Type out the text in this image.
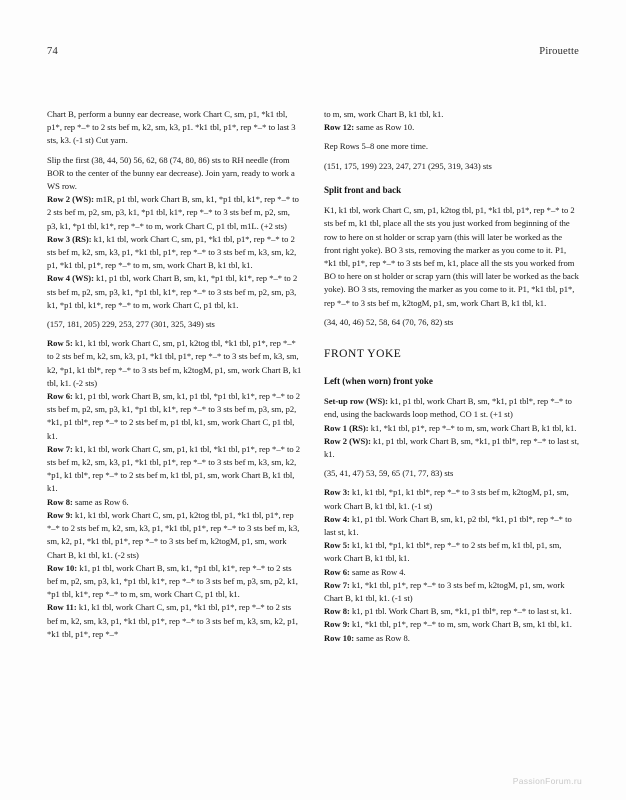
74	Pirouette

Chart B, perform a bunny ear decrease, work Chart C, sm, p1, *k1 tbl, p1*, rep *–* to 2 sts bef m, k2, sm, k3, p1. *k1 tbl, p1*, rep *–* to last 3 sts, k3. (-1 st) Cut yarn.

Slip the first (38, 44, 50) 56, 62, 68 (74, 80, 86) sts to RH needle (from BOR to the center of the bunny ear decrease). Join yarn, ready to work a WS row.

Row 2 (WS): m1R, p1 tbl, work Chart B, sm, k1, *p1 tbl, k1*, rep *–* to 2 sts bef m, p2, sm, p3, k1, *p1 tbl, k1*, rep *–* to 3 sts bef m, p2, sm, p3, k1, *p1 tbl, k1*, rep *–* to m, work Chart C, p1 tbl, m1L. (+2 sts)

Row 3 (RS): k1, k1 tbl, work Chart C, sm, p1, *k1 tbl, p1*, rep *–* to 2 sts bef m, k2, sm, k3, p1, *k1 tbl, p1*, rep *–* to 3 sts bef m, k3, sm, k2, p1, *k1 tbl, p1*, rep *–* to m, sm, work Chart B, k1 tbl, k1.

Row 4 (WS): k1, p1 tbl, work Chart B, sm, k1, *p1 tbl, k1*, rep *–* to 2 sts bef m, p2, sm, p3, k1, *p1 tbl, k1*, rep *–* to 3 sts bef m, p2, sm, p3, k1, *p1 tbl, k1*, rep *–* to m, work Chart C, p1 tbl, k1.

(157, 181, 205) 229, 253, 277 (301, 325, 349) sts

Row 5: k1, k1 tbl, work Chart C, sm, p1, k2tog tbl, *k1 tbl, p1*, rep *–* to 2 sts bef m, k2, sm, k3, p1, *k1 tbl, p1*, rep *–* to 3 sts bef m, k3, sm, k2, *p1, k1 tbl*, rep *–* to 3 sts bef m, k2togM, p1, sm, work Chart B, k1 tbl, k1. (-2 sts)

Row 6: k1, p1 tbl, work Chart B, sm, k1, p1 tbl, *p1 tbl, k1*, rep *–* to 2 sts bef m, p2, sm, p3, k1, *p1 tbl, k1*, rep *–* to 3 sts bef m, p3, sm, p2, *k1, p1 tbl*, rep *–* to 2 sts bef m, p1 tbl, k1, sm, work Chart C, p1 tbl, k1.

Row 7: k1, k1 tbl, work Chart C, sm, p1, k1 tbl, *k1 tbl, p1*, rep *–* to 2 sts bef m, k2, sm, k3, p1, *k1 tbl, p1*, rep *–* to 3 sts bef m, k3, sm, k2, *p1, k1 tbl*, rep *–* to 2 sts bef m, k1 tbl, p1, sm, work Chart B, k1 tbl, k1.

Row 8: same as Row 6.

Row 9: k1, k1 tbl, work Chart C, sm, p1, k2tog tbl, p1, *k1 tbl, p1*, rep *–* to 2 sts bef m, k2, sm, k3, p1, *k1 tbl, p1*, rep *–* to 3 sts bef m, k3, sm, k2, p1, *k1 tbl, p1*, rep *–* to 3 sts bef m, k2togM, p1, sm, work Chart B, k1 tbl, k1. (-2 sts)

Row 10: k1, p1 tbl, work Chart B, sm, k1, *p1 tbl, k1*, rep *–* to 2 sts bef m, p2, sm, p3, k1, *p1 tbl, k1*, rep *–* to 3 sts bef m, p3, sm, p2, k1, *p1 tbl, k1*, rep *–* to m, sm, work Chart C, p1 tbl, k1.

Row 11: k1, k1 tbl, work Chart C, sm, p1, *k1 tbl, p1*, rep *–* to 2 sts bef m, k2, sm, k3, p1, *k1 tbl, p1*, rep *–* to 3 sts bef m, k3, sm, k2, p1, *k1 tbl, p1*, rep *–*

to m, sm, work Chart B, k1 tbl, k1.

Row 12: same as Row 10.

Rep Rows 5–8 one more time.

(151, 175, 199) 223, 247, 271 (295, 319, 343) sts

Split front and back

K1, k1 tbl, work Chart C, sm, p1, k2tog tbl, p1, *k1 tbl, p1*, rep *–* to 2 sts bef m, k1 tbl, place all the sts you just worked from beginning of the row to here on st holder or scrap yarn (this will later be worked as the front right yoke). BO 3 sts, removing the marker as you come to it. P1, *k1 tbl, p1*, rep *–* to 3 sts bef m, k1, place all the sts you worked from BO to here on st holder or scrap yarn (this will later be worked as the back yoke). BO 3 sts, removing the marker as you come to it. P1, *k1 tbl, p1*, rep *–* to 3 sts bef m, k2togM, p1, sm, work Chart B, k1 tbl, k1.

(34, 40, 46) 52, 58, 64 (70, 76, 82) sts

FRONT YOKE
Left (when worn) front yoke

Set-up row (WS): k1, p1 tbl, work Chart B, sm, *k1, p1 tbl*, rep *–* to end, using the backwards loop method, CO 1 st. (+1 st)

Row 1 (RS): k1, *k1 tbl, p1*, rep *–* to m, sm, work Chart B, k1 tbl, k1.

Row 2 (WS): k1, p1 tbl, work Chart B, sm, *k1, p1 tbl*, rep *–* to last st, k1.

(35, 41, 47) 53, 59, 65 (71, 77, 83) sts

Row 3: k1, k1 tbl, *p1, k1 tbl*, rep *–* to 3 sts bef m, k2togM, p1, sm, work Chart B, k1 tbl, k1. (-1 st)

Row 4: k1, p1 tbl. Work Chart B, sm, k1, p2 tbl, *k1, p1 tbl*, rep *–* to last st, k1.

Row 5: k1, k1 tbl, *p1, k1 tbl*, rep *–* to 2 sts bef m, k1 tbl, p1, sm, work Chart B, k1 tbl, k1.

Row 6: same as Row 4.

Row 7: k1, *k1 tbl, p1*, rep *–* to 3 sts bef m, k2togM, p1, sm, work Chart B, k1 tbl, k1. (-1 st)

Row 8: k1, p1 tbl. Work Chart B, sm, *k1, p1 tbl*, rep *–* to last st, k1.

Row 9: k1, *k1 tbl, p1*, rep *–* to m, sm, work Chart B, sm, k1 tbl, k1.

Row 10: same as Row 8.

PassionForum.ru
